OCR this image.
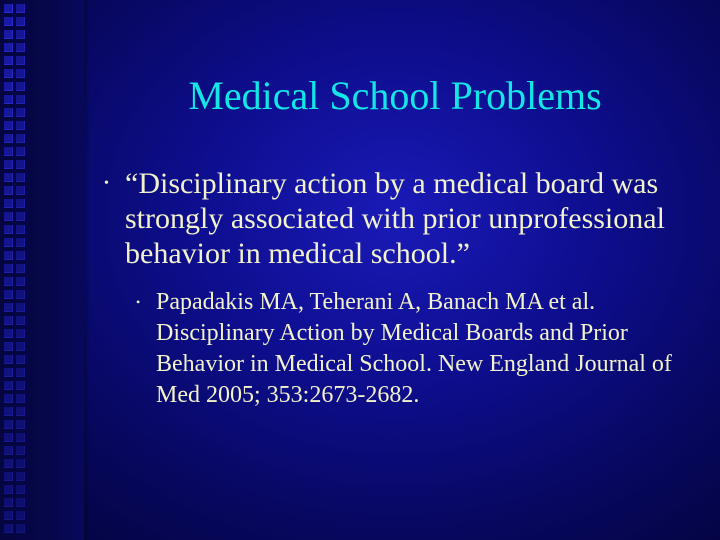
Medical School Problems
• “Disciplinary action by a medical board was strongly associated with prior unprofessional behavior in medical school.”
• Papadakis MA, Teherani A, Banach MA et al. Disciplinary Action by Medical Boards and Prior Behavior in Medical School. New England Journal of Med 2005; 353:2673-2682.
